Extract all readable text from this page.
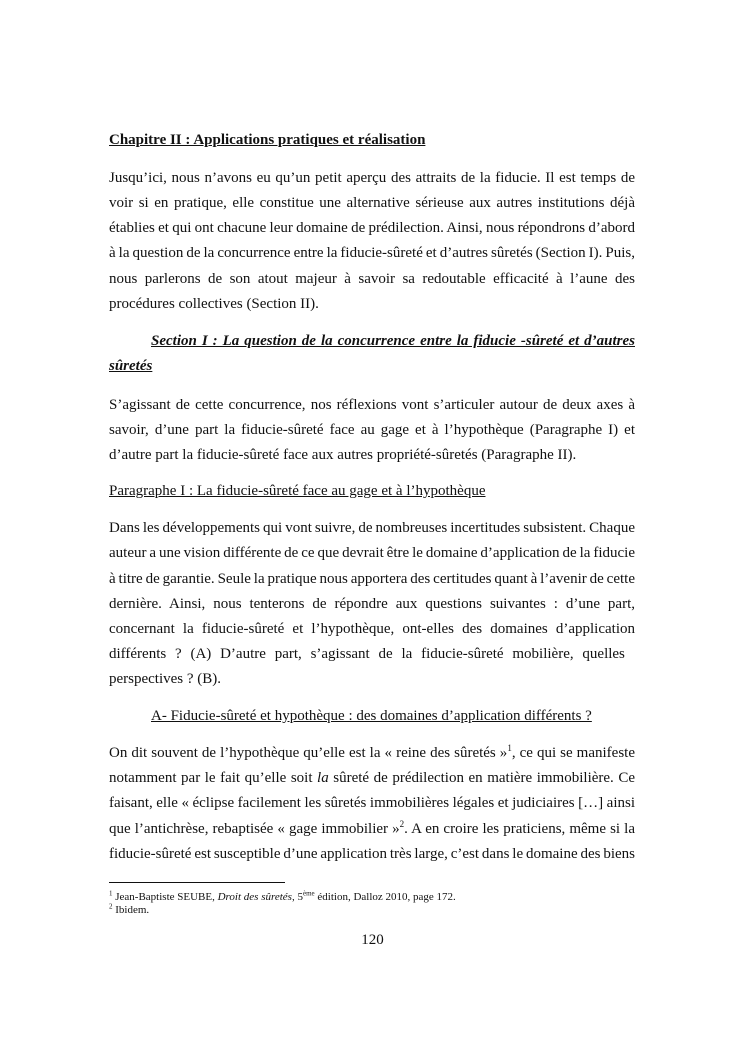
Chapitre II : Applications pratiques et réalisation
Jusqu’ici, nous n’avons eu qu’un petit aperçu des attraits de la fiducie. Il est temps de
voir si en pratique, elle constitue une alternative sérieuse aux autres institutions déjà
établies et qui ont chacune leur domaine de prédilection. Ainsi, nous répondrons d’abord
à la question de la concurrence entre la fiducie-sûreté et d’autres sûretés (Section I). Puis,
nous parlerons de son atout majeur à savoir sa redoutable efficacité à l’aune des
procédures collectives (Section II).
Section I : La question de la concurrence entre la fiducie -sûreté et d’autres
sûretés
S’agissant de cette concurrence, nos réflexions vont s’articuler autour de deux axes à
savoir, d’une part la fiducie-sûreté face au gage et à l’hypothèque (Paragraphe I) et
d’autre part la fiducie-sûreté face aux autres propriété-sûretés (Paragraphe II).
Paragraphe I : La fiducie-sûreté face au gage et à l’hypothèque
Dans les développements qui vont suivre, de nombreuses incertitudes subsistent. Chaque
auteur a une vision différente de ce que devrait être le domaine d’application de la fiducie
à titre de garantie. Seule la pratique nous apportera des certitudes quant à l’avenir de cette
dernière. Ainsi, nous tenterons de répondre aux questions suivantes : d’une part,
concernant la fiducie-sûreté et l’hypothèque, ont-elles des domaines d’application
différents ? (A) D’autre part, s’agissant de la fiducie-sûreté mobilière, quelles
perspectives ? (B).
A- Fiducie-sûreté et hypothèque : des domaines d’application différents ?
On dit souvent de l’hypothèque qu’elle est la « reine des sûretés »$^1$, ce qui se manifeste
notamment par le fait qu’elle soit la sûreté de prédilection en matière immobilière. Ce
faisant, elle « éclipse facilement les sûretés immobilières légales et judiciaires […] ainsi
que l’antichrèse, rebaptisée « gage immobilier »$^2$. A en croire les praticiens, même si la
fiducie-sûreté est susceptible d’une application très large, c’est dans le domaine des biens
$^1$ Jean-Baptiste SEUBE, Droit des sûretés, 5ème édition, Dalloz 2010, page 172.
$^2$ Ibidem.
120
